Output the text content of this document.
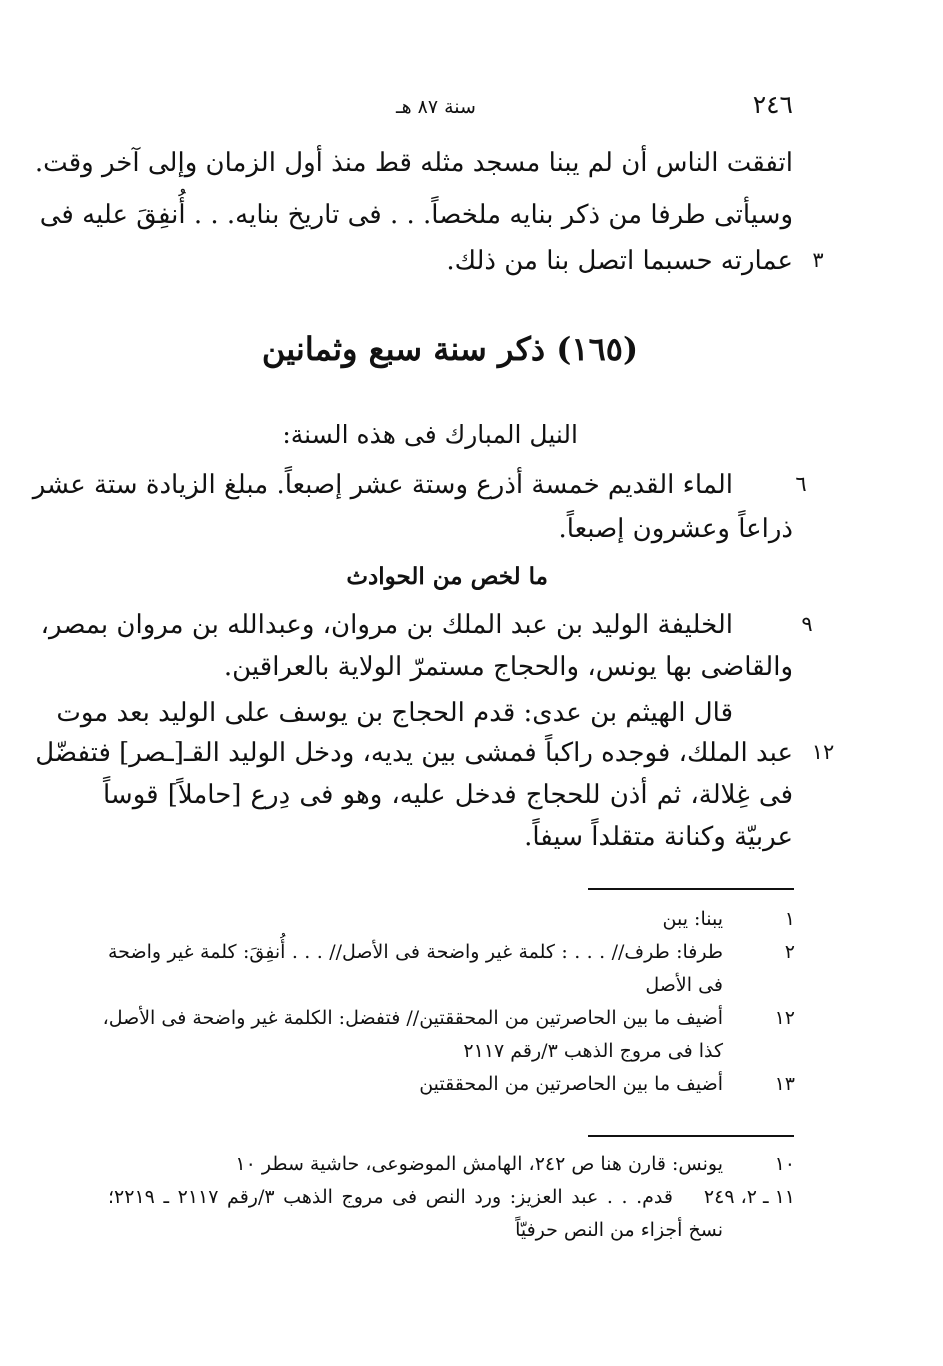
٢٤٦
سنة ٨٧ هـ
اتفقت الناس أن لم يبنا مسجد مثله قط منذ أول الزمان وإلى آخر وقت.
وسيأتى طرفا من ذكر بنايه ملخصاً. . . فى تاريخ بنايه. . . أُنفِقَ عليه فى
عمارته حسبما اتصل بنا من ذلك. ٣
(١٦٥) ذكر سنة سبع وثمانين
النيل المبارك فى هذه السنة:
الماء القديم خمسة أذرع وستة عشر إصبعاً. مبلغ الزيادة ستة عشر	٦
ذراعاً وعشرون إصبعاً.
ما لخص من الحوادث
الخليفة الوليد بن عبد الملك بن مروان، وعبدالله بن مروان بمصر،	٩
والقاضى بها يونس، والحجاج مستمرّ الولاية بالعراقين.
قال الهيثم بن عدى: قدم الحجاج بن يوسف على الوليد بعد موت
عبد الملك، فوجده راكباً فمشى بين يديه، ودخل الوليد القـ[ـصر] فتفضّل ١٢
فى غِلالة، ثم أذن للحجاج فدخل عليه، وهو فى دِرع [حاملاً] قوساً
عربيّة وكنانة متقلداً سيفاً.
١
يبنا: يبن
٢
طرفا: طرف// . . . : كلمة غير واضحة فى الأصل// . . . أُنفِقَ: كلمة غير واضحة
فى الأصل
١٢
أضيف ما بين الحاصرتين من المحققتين// فتفضل: الكلمة غير واضحة فى الأصل،
كذا فى مروج الذهب ٣/رقم ٢١١٧
١٣
أضيف ما بين الحاصرتين من المحققتين
١٠
يونس: قارن هنا ص ٢٤٢، الهامش الموضوعى، حاشية سطر ١٠
١١ ـ ٢، ٢٤٩
قدم. . . عبد العزيز: ورد النص فى مروج الذهب ٣/رقم ٢١١٧ ـ ٢٢١٩؛
نسخ أجزاء من النص حرفيّاً
